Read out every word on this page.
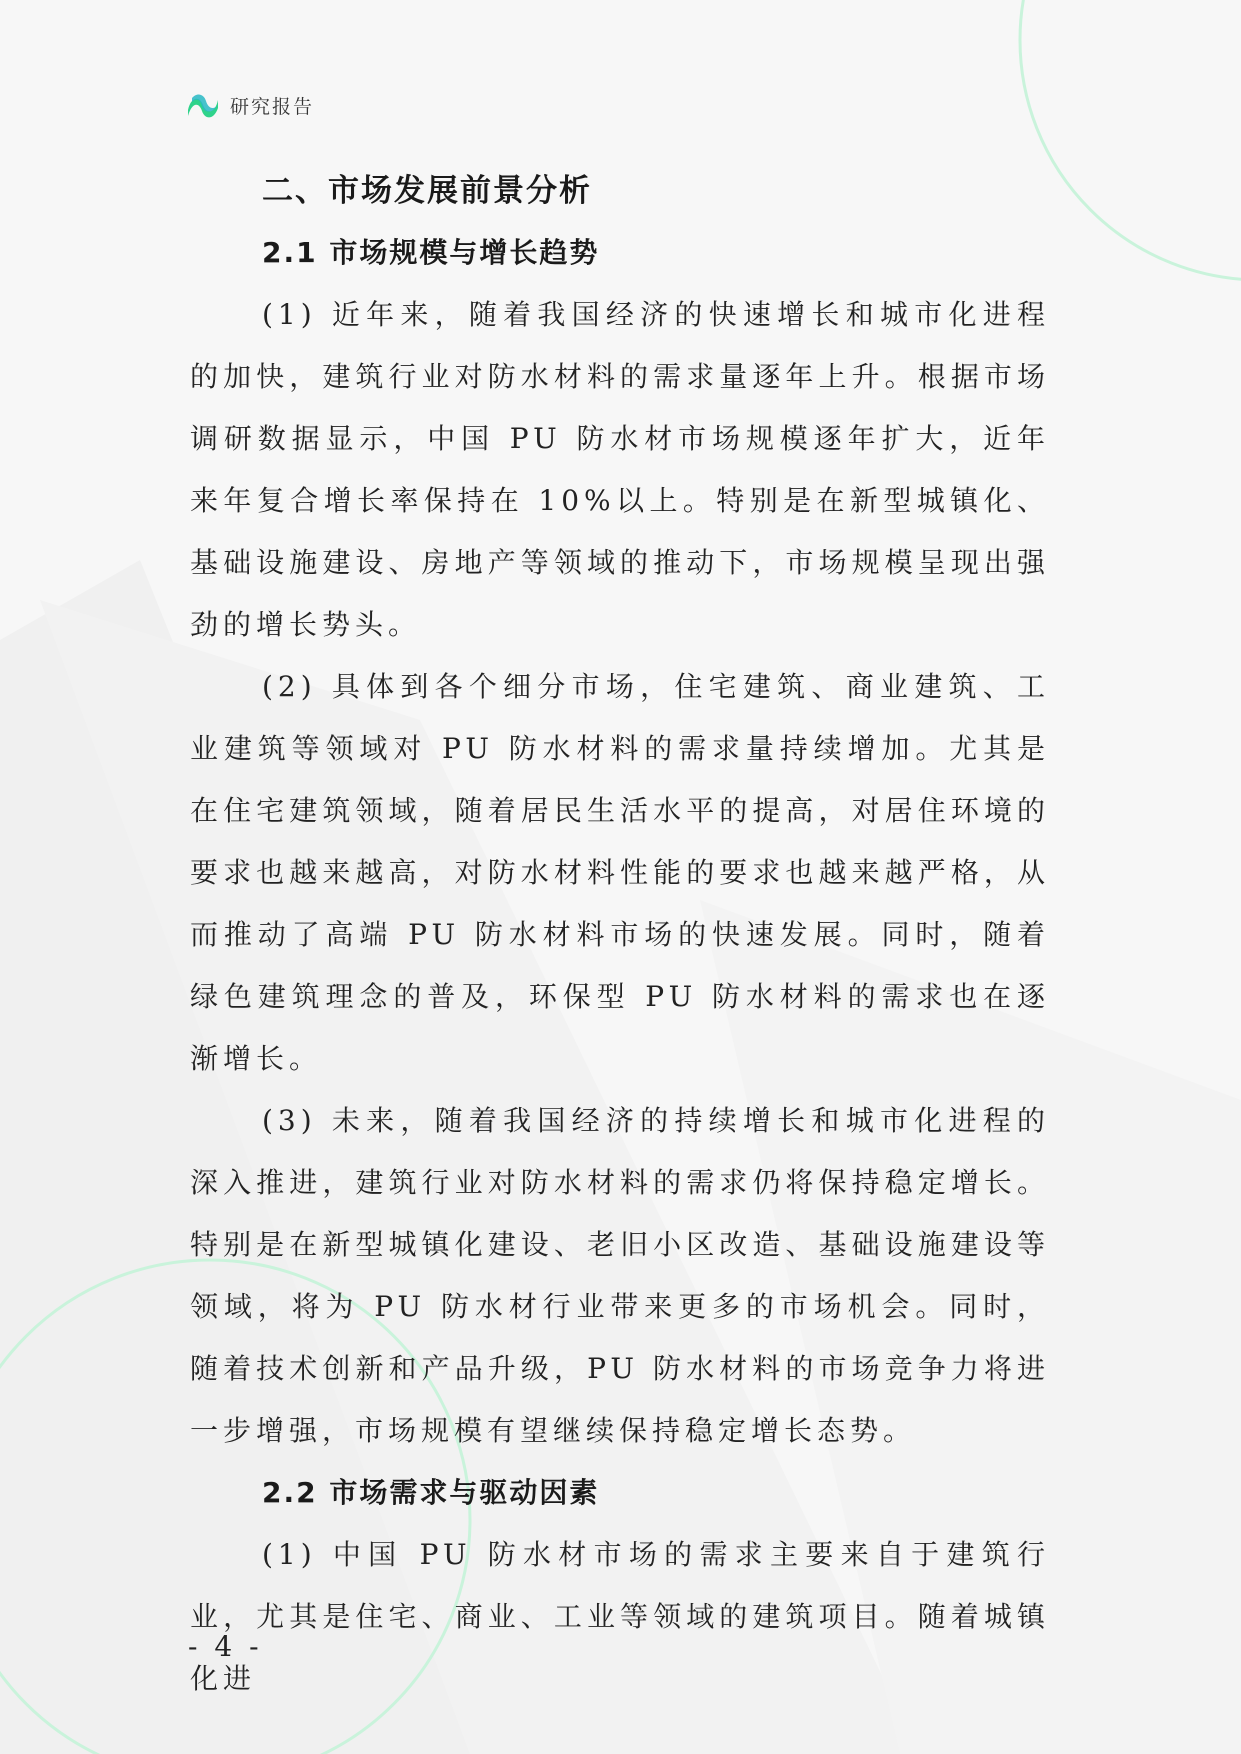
研究报告
二、市场发展前景分析
2.1 市场规模与增长趋势

(1) 近年来，随着我国经济的快速增长和城市化进程的加快，建筑行业对防水材料的需求量逐年上升。根据市场调研数据显示，中国 PU 防水材市场规模逐年扩大，近年来年复合增长率保持在 10%以上。特别是在新型城镇化、基础设施建设、房地产等领域的推动下，市场规模呈现出强劲的增长势头。

(2) 具体到各个细分市场，住宅建筑、商业建筑、工业建筑等领域对 PU 防水材料的需求量持续增加。尤其是在住宅建筑领域，随着居民生活水平的提高，对居住环境的要求也越来越高，对防水材料性能的要求也越来越严格，从而推动了高端 PU 防水材料市场的快速发展。同时，随着绿色建筑理念的普及，环保型 PU 防水材料的需求也在逐渐增长。

(3) 未来，随着我国经济的持续增长和城市化进程的深入推进，建筑行业对防水材料的需求仍将保持稳定增长。特别是在新型城镇化建设、老旧小区改造、基础设施建设等领域，将为 PU 防水材行业带来更多的市场机会。同时，随着技术创新和产品升级，PU 防水材料的市场竞争力将进一步增强，市场规模有望继续保持稳定增长态势。

2.2 市场需求与驱动因素

(1) 中国 PU 防水材市场的需求主要来自于建筑行业，尤其是住宅、商业、工业等领域的建筑项目。随着城镇化进

- 4 -
